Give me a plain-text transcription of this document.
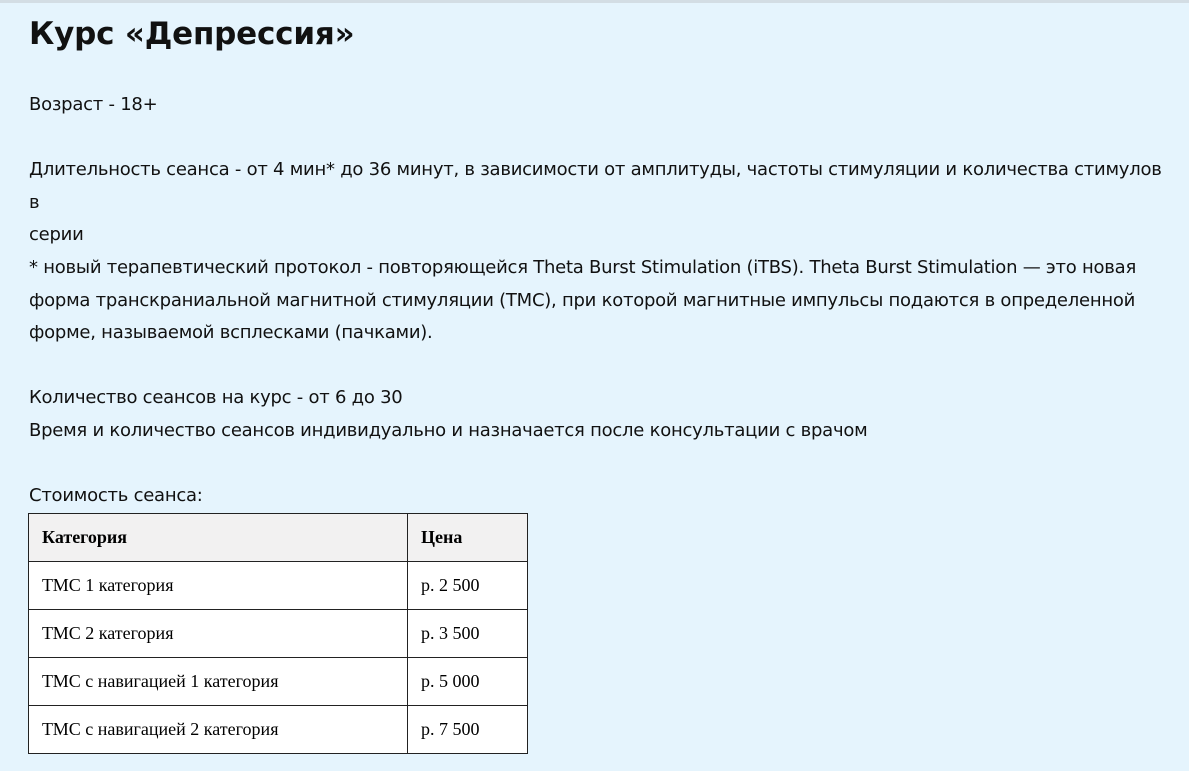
Курс «Депрессия»
Возраст - 18+
Длительность сеанса - от 4 мин* до 36 минут, в зависимости от амплитуды, частоты стимуляции и количества стимулов в
серии
* новый терапевтический протокол - повторяющейся Theta Burst Stimulation (iTBS). Theta Burst Stimulation — это новая
форма транскраниальной магнитной стимуляции (ТМС), при которой магнитные импульсы подаются в определенной
форме, называемой всплесками (пачками).
Количество сеансов на курс - от 6 до 30
Время и количество сеансов индивидуально и назначается после консультации с врачом
Стоимость сеанса:
Категория	Цена
ТМС 1 категория	р. 2 500
ТМС 2 категория	р. 3 500
ТМС с навигацией 1 категория	р. 5 000
ТМС с навигацией 2 категория	р. 7 500
